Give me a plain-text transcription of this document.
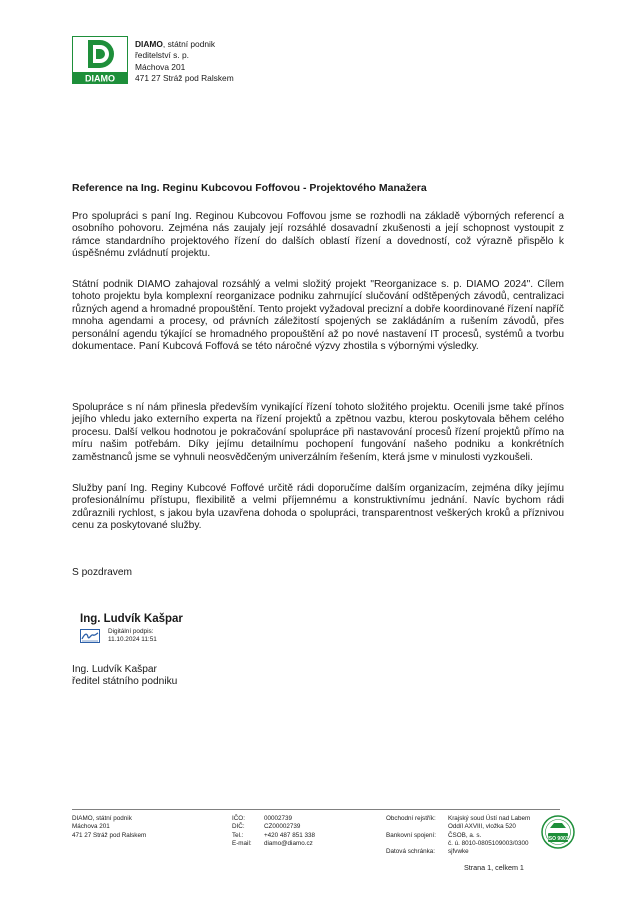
DIAMO
DIAMO, státní podnik
ředitelství s. p.
Máchova 201
471 27 Stráž pod Ralskem
Reference na Ing. Reginu Kubcovou Foffovou - Projektového Manažera
Pro spolupráci s paní Ing. Reginou Kubcovou Foffovou jsme se rozhodli na základě výborných referencí a osobního pohovoru. Zejména nás zaujaly její rozsáhlé dosavadní zkušenosti a její schopnost vystoupit z rámce standardního projektového řízení do dalších oblastí řízení a dovedností, což výrazně přispělo k úspěšnému zvládnutí projektu.
Státní podnik DIAMO zahajoval rozsáhlý a velmi složitý projekt "Reorganizace s. p. DIAMO 2024". Cílem tohoto projektu byla komplexní reorganizace podniku zahrnující slučování odštěpených závodů, centralizaci různých agend a hromadné propouštění. Tento projekt vyžadoval precizní a dobře koordinované řízení napříč mnoha agendami a procesy, od právních záležitostí spojených se zakládáním a rušením závodů, přes personální agendu týkající se hromadného propouštění až po nové nastavení IT procesů, systémů a tvorbu dokumentace. Paní Kubcová Foffová se této náročné výzvy zhostila s výbornými výsledky.
Spolupráce s ní nám přinesla především vynikající řízení tohoto složitého projektu. Ocenili jsme také přínos jejího vhledu jako externího experta na řízení projektů a zpětnou vazbu, kterou poskytovala během celého procesu. Další velkou hodnotou je pokračování spolupráce při nastavování procesů řízení projektů přímo na míru našim potřebám. Díky jejímu detailnímu pochopení fungování našeho podniku a konkrétních zaměstnanců jsme se vyhnuli neosvědčeným univerzálním řešením, která jsme v minulosti vyzkoušeli.
Služby paní Ing. Reginy Kubcové Foffové určitě rádi doporučíme dalším organizacím, zejména díky jejímu profesionálnímu přístupu, flexibilitě a velmi příjemnému a konstruktivnímu jednání. Navíc bychom rádi zdůraznili rychlost, s jakou byla uzavřena dohoda o spolupráci, transparentnost veškerých kroků a příznivou cenu za poskytované služby.
S pozdravem
Ing. Ludvík Kašpar
Digitální podpis:
11.10.2024 11:51
Ing. Ludvík Kašpar
ředitel státního podniku
DIAMO, státní podnik
Máchova 201
471 27 Stráž pod Ralskem
IČO:
DIČ:
Tel.:
E-mail:
00002739
CZ00002739
+420 487 851 338
diamo@diamo.cz
Obchodní rejstřík:

Bankovní spojení:

Datová schránka:
Krajský soud Ústí nad Labem
Oddíl AXVIII, vložka 520
ČSOB, a. s.
č. ú. 8010-0805109003/0300
sjfvwke
ISO 9001
Strana 1, celkem 1
